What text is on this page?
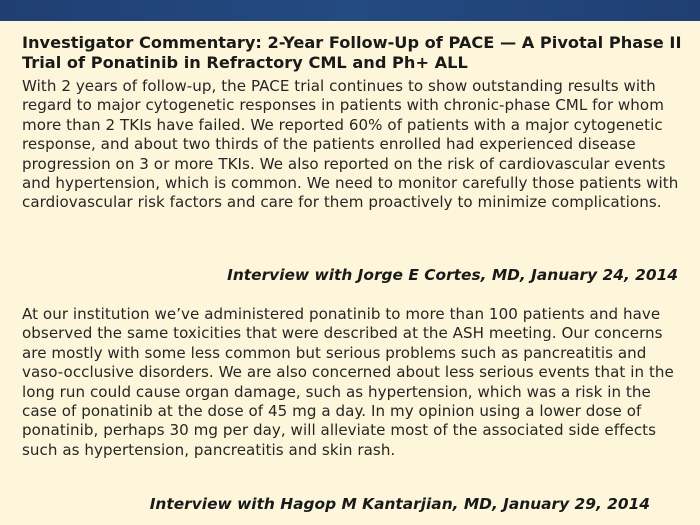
Investigator Commentary: 2-Year Follow-Up of PACE — A Pivotal Phase II Trial of Ponatinib in Refractory CML and Ph+ ALL

With 2 years of follow-up, the PACE trial continues to show outstanding results with regard to major cytogenetic responses in patients with chronic-phase CML for whom more than 2 TKIs have failed. We reported 60% of patients with a major cytogenetic response, and about two thirds of the patients enrolled had experienced disease progression on 3 or more TKIs. We also reported on the risk of cardiovascular events and hypertension, which is common. We need to monitor carefully those patients with cardiovascular risk factors and care for them proactively to minimize complications.

Interview with Jorge E Cortes, MD, January 24, 2014

At our institution we’ve administered ponatinib to more than 100 patients and have observed the same toxicities that were described at the ASH meeting. Our concerns are mostly with some less common but serious problems such as pancreatitis and vaso-occlusive disorders. We are also concerned about less serious events that in the long run could cause organ damage, such as hypertension, which was a risk in the case of ponatinib at the dose of 45 mg a day. In my opinion using a lower dose of ponatinib, perhaps 30 mg per day, will alleviate most of the associated side effects such as hypertension, pancreatitis and skin rash.

Interview with Hagop M Kantarjian, MD, January 29, 2014
